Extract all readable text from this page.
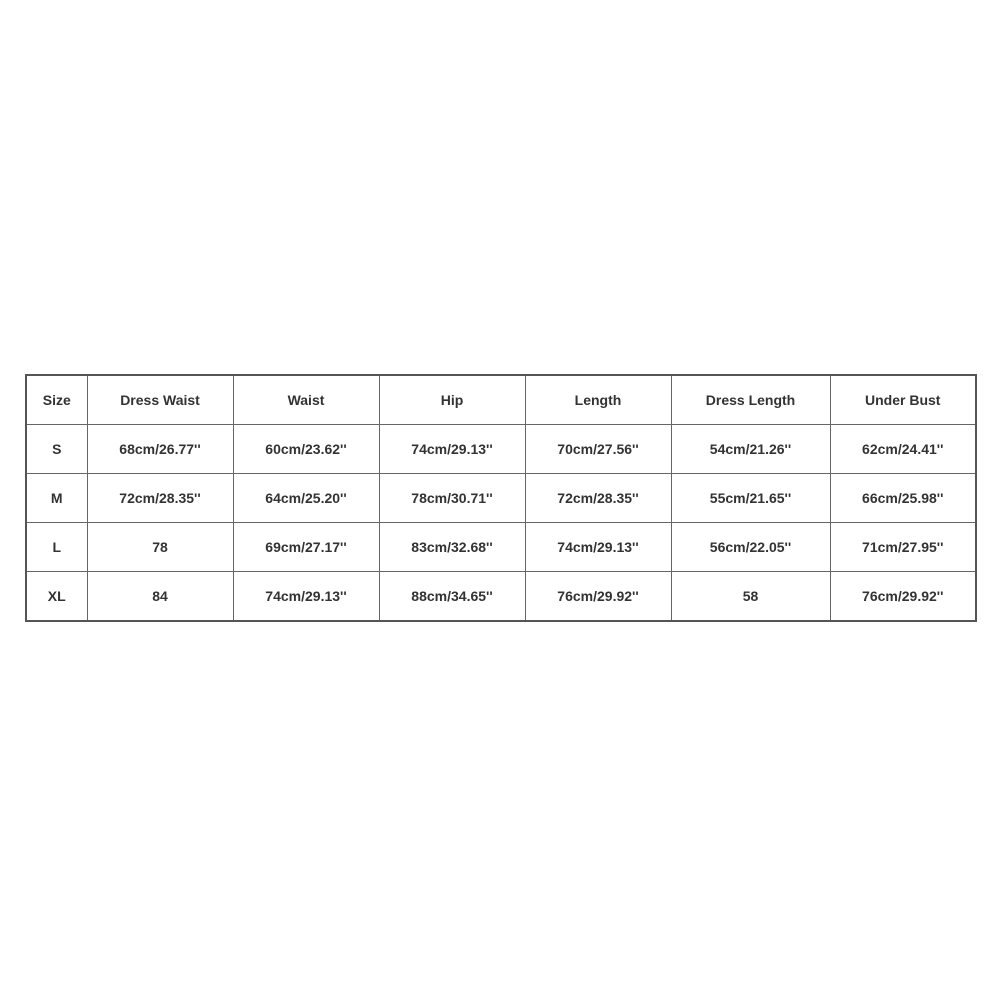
Size	Dress Waist	Waist	Hip	Length	Dress Length	Under Bust
S	68cm/26.77''	60cm/23.62''	74cm/29.13''	70cm/27.56''	54cm/21.26''	62cm/24.41''
M	72cm/28.35''	64cm/25.20''	78cm/30.71''	72cm/28.35''	55cm/21.65''	66cm/25.98''
L	78	69cm/27.17''	83cm/32.68''	74cm/29.13''	56cm/22.05''	71cm/27.95''
XL	84	74cm/29.13''	88cm/34.65''	76cm/29.92''	58	76cm/29.92''
